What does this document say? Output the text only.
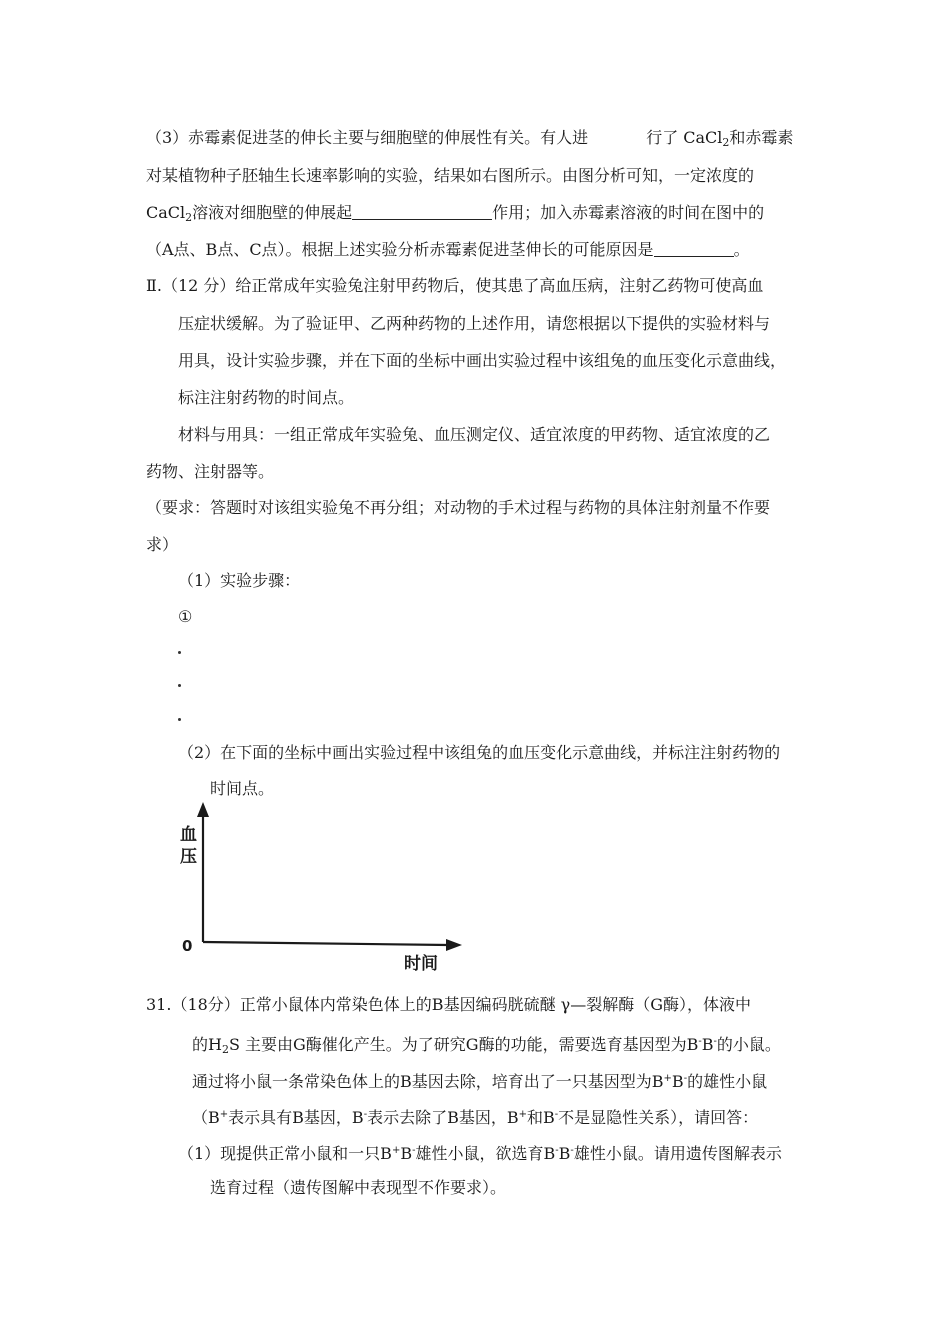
（3）赤霉素促进茎的伸长主要与细胞壁的伸展性有关。有人进	行了 CaCl$_2$和赤霉素
对某植物种子胚轴生长速率影响的实验，结果如右图所示。由图分析可知，一定浓度的
CaCl$_2$溶液对细胞壁的伸展起	作用；加入赤霉素溶液的时间在图中的
（A点、B点、C点）。根据上述实验分析赤霉素促进茎伸长的可能原因是	。
Ⅱ.（12 分）给正常成年实验兔注射甲药物后，使其患了高血压病，注射乙药物可使高血
压症状缓解。为了验证甲、乙两种药物的上述作用，请您根据以下提供的实验材料与
用具，设计实验步骤，并在下面的坐标中画出实验过程中该组兔的血压变化示意曲线，
标注注射药物的时间点。
材料与用具：一组正常成年实验兔、血压测定仪、适宜浓度的甲药物、适宜浓度的乙
药物、注射器等。
（要求：答题时对该组实验兔不再分组；对动物的手术过程与药物的具体注射剂量不作要
求）
（1）实验步骤：
①
（2）在下面的坐标中画出实验过程中该组兔的血压变化示意曲线，并标注注射药物的
时间点。
血
压
0
时间
31.（18分）正常小鼠体内常染色体上的B基因编码胱硫醚 γ—裂解酶（G酶），体液中
的$H_2S$ 主要由G酶催化产生。为了研究G酶的功能，需要选育基因型为B-B-的小鼠。
通过将小鼠一条常染色体上的B基因去除，培育出了一只基因型为B+B-的雄性小鼠
（B+表示具有B基因，B-表示去除了B基因，B+和B-不是显隐性关系），请回答：
（1）现提供正常小鼠和一只B+B-雄性小鼠，欲选育B-B-雄性小鼠。请用遗传图解表示
选育过程（遗传图解中表现型不作要求）。
